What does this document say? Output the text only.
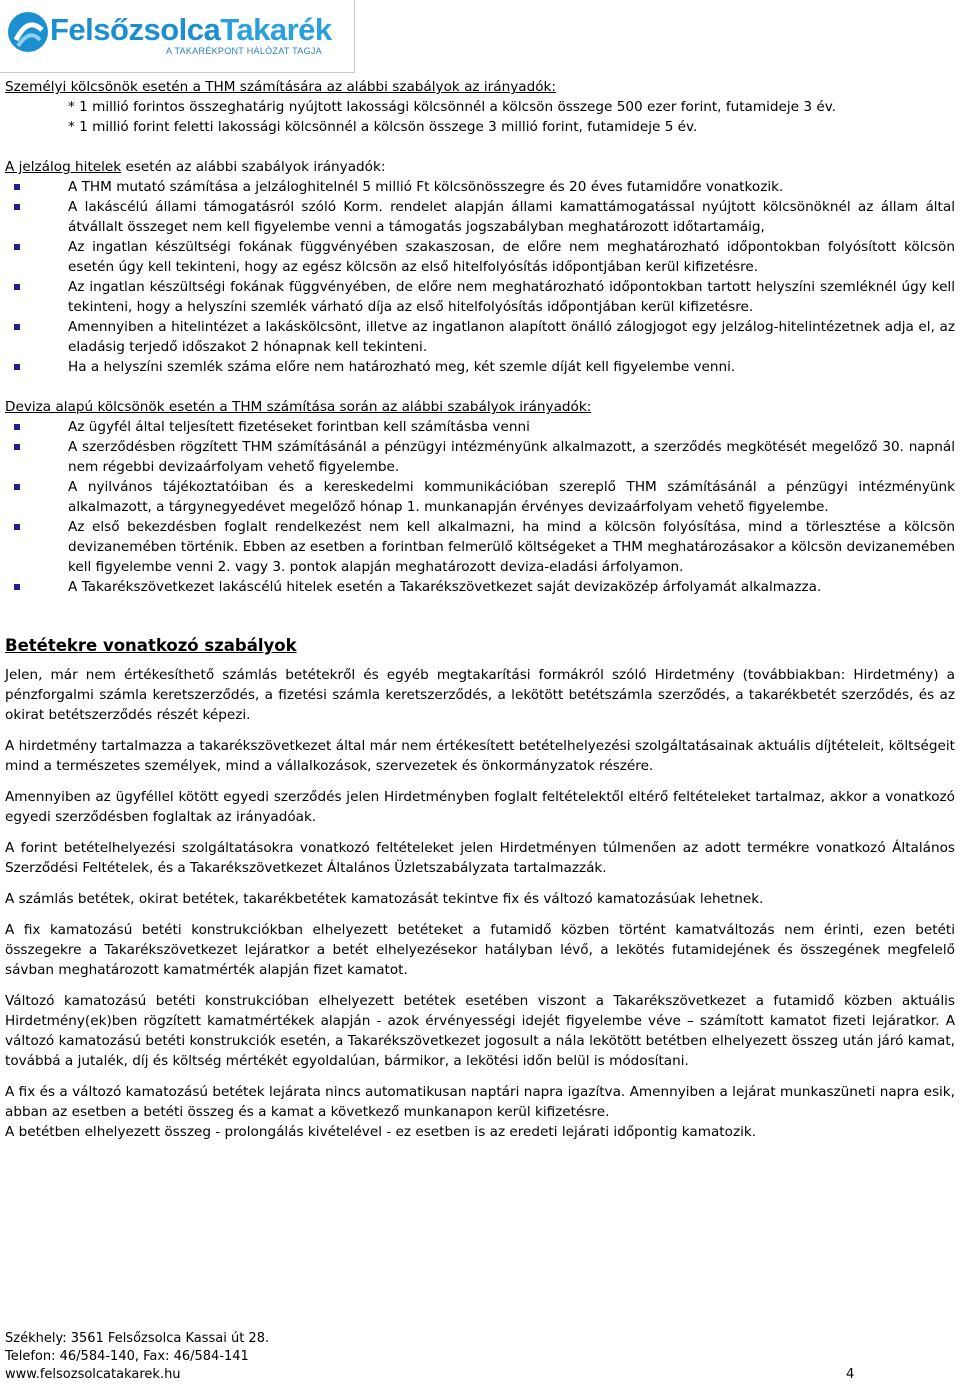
FelsőzsolcaTakarék
A TAKARÉKPONT HÁLÓZAT TAGJA

Személyi kölcsönök esetén a THM számítására az alábbi szabályok az irányadók:

* 1 millió forintos összeghatárig nyújtott lakossági kölcsönnél a kölcsön összege 500 ezer forint, futamideje 3 év.

* 1 millió forint feletti lakossági kölcsönnél a kölcsön összege 3 millió forint, futamideje 5 év.

A jelzálog hitelek esetén az alábbi szabályok irányadók:

A THM mutató számítása a jelzáloghitelnél 5 millió Ft kölcsönösszegre és 20 éves futamidőre vonatkozik.
A lakáscélú állami támogatásról szóló Korm. rendelet alapján állami kamattámogatással nyújtott kölcsönöknél az állam által átvállalt összeget nem kell figyelembe venni a támogatás jogszabályban meghatározott időtartamáig,
Az ingatlan készültségi fokának függvényében szakaszosan, de előre nem meghatározható időpontokban folyósított kölcsön esetén úgy kell tekinteni, hogy az egész kölcsön az első hitelfolyósítás időpontjában kerül kifizetésre.
Az ingatlan készültségi fokának függvényében, de előre nem meghatározható időpontokban tartott helyszíni szemléknél úgy kell tekinteni, hogy a helyszíni szemlék várható díja az első hitelfolyósítás időpontjában kerül kifizetésre.
Amennyiben a hitelintézet a lakáskölcsönt, illetve az ingatlanon alapított önálló zálogjogot egy jelzálog-hitelintézetnek adja el, az eladásig terjedő időszakot 2 hónapnak kell tekinteni.
Ha a helyszíni szemlék száma előre nem határozható meg, két szemle díját kell figyelembe venni.

Deviza alapú kölcsönök esetén a THM számítása során az alábbi szabályok irányadók:

Az ügyfél által teljesített fizetéseket forintban kell számításba venni
A szerződésben rögzített THM számításánál a pénzügyi intézményünk alkalmazott, a szerződés megkötését megelőző 30. napnál nem régebbi devizaárfolyam vehető figyelembe.
A nyilvános tájékoztatóiban és a kereskedelmi kommunikációban szereplő THM számításánál a pénzügyi intézményünk alkalmazott, a tárgynegyedévet megelőző hónap 1. munkanapján érvényes devizaárfolyam vehető figyelembe.
Az első bekezdésben foglalt rendelkezést nem kell alkalmazni, ha mind a kölcsön folyósítása, mind a törlesztése a kölcsön devizanemében történik. Ebben az esetben a forintban felmerülő költségeket a THM meghatározásakor a kölcsön devizanemében kell figyelembe venni 2. vagy 3. pontok alapján meghatározott deviza-eladási árfolyamon.
A Takarékszövetkezet lakáscélú hitelek esetén a Takarékszövetkezet saját devizaközép árfolyamát alkalmazza.

Betétekre vonatkozó szabályok

Jelen, már nem értékesíthető számlás betétekről és egyéb megtakarítási formákról szóló Hirdetmény (továbbiakban: Hirdetmény) a pénzforgalmi számla keretszerződés, a fizetési számla keretszerződés, a lekötött betétszámla szerződés, a takarékbetét szerződés, és az okirat betétszerződés részét képezi.

A hirdetmény tartalmazza a takarékszövetkezet által már nem értékesített betételhelyezési szolgáltatásainak aktuális díjtételeit, költségeit mind a természetes személyek, mind a vállalkozások, szervezetek és önkormányzatok részére.

Amennyiben az ügyféllel kötött egyedi szerződés jelen Hirdetményben foglalt feltételektől eltérő feltételeket tartalmaz, akkor a vonatkozó egyedi szerződésben foglaltak az irányadóak.

A forint betételhelyezési szolgáltatásokra vonatkozó feltételeket jelen Hirdetményen túlmenően az adott termékre vonatkozó Általános Szerződési Feltételek, és a Takarékszövetkezet Általános Üzletszabályzata tartalmazzák.

A számlás betétek, okirat betétek, takarékbetétek kamatozását tekintve fix és változó kamatozásúak lehetnek.

A fix kamatozású betéti konstrukciókban elhelyezett betéteket a futamidő közben történt kamatváltozás nem érinti, ezen betéti összegekre a Takarékszövetkezet lejáratkor a betét elhelyezésekor hatályban lévő, a lekötés futamidejének és összegének megfelelő sávban meghatározott kamatmérték alapján fizet kamatot.

Változó kamatozású betéti konstrukcióban elhelyezett betétek esetében viszont a Takarékszövetkezet a futamidő közben aktuális Hirdetmény(ek)ben rögzített kamatmértékek alapján - azok érvényességi idejét figyelembe véve – számított kamatot fizeti lejáratkor. A változó kamatozású betéti konstrukciók esetén, a Takarékszövetkezet jogosult a nála lekötött betétben elhelyezett összeg után járó kamat, továbbá a jutalék, díj és költség mértékét egyoldalúan, bármikor, a lekötési időn belül is módosítani.

A fix és a változó kamatozású betétek lejárata nincs automatikusan naptári napra igazítva. Amennyiben a lejárat munkaszüneti napra esik, abban az esetben a betéti összeg és a kamat a következő munkanapon kerül kifizetésre.

A betétben elhelyezett összeg - prolongálás kivételével - ez esetben is az eredeti lejárati időpontig kamatozik.

Székhely: 3561 Felsőzsolca Kassai út 28.
Telefon: 46/584-140, Fax: 46/584-141
www.felsozsolcatakarek.hu	4
